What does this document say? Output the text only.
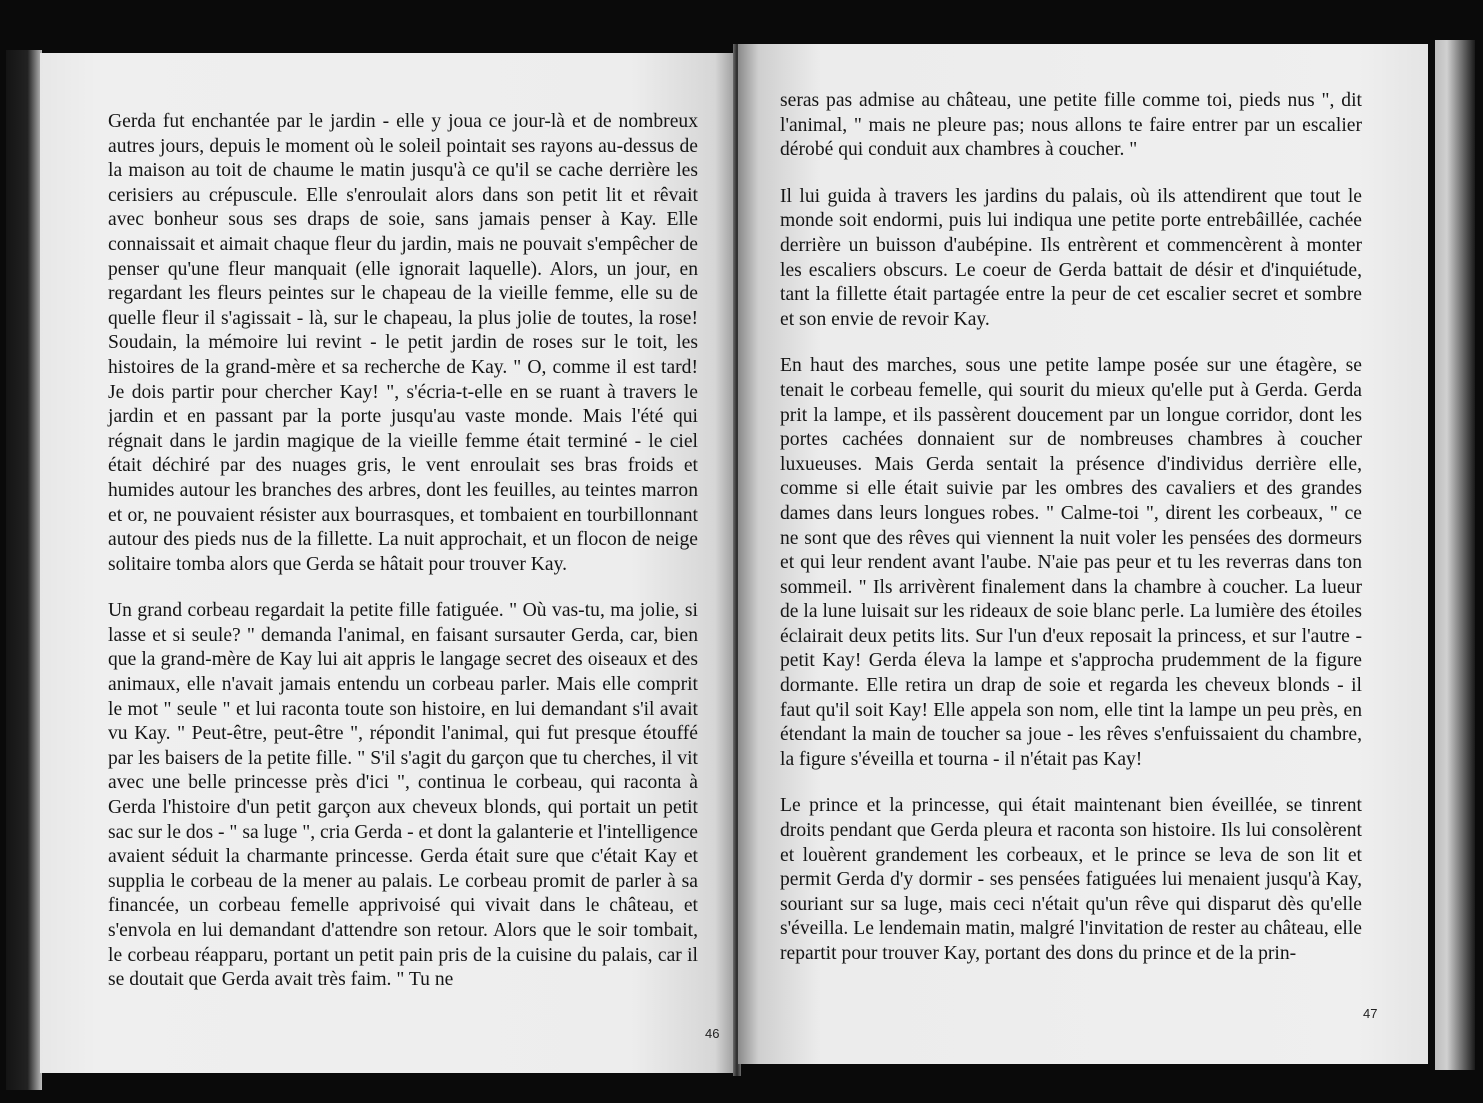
Gerda fut enchantée par le jardin - elle y joua ce jour-là et de nombreux autres jours, depuis le moment où le soleil pointait ses rayons au-dessus de la maison au toit de chaume le matin jusqu'à ce qu'il se cache derrière les cerisiers au crépuscule. Elle s'enroulait alors dans son petit lit et rêvait avec bonheur sous ses draps de soie, sans jamais penser à Kay. Elle connaissait et aimait chaque fleur du jardin, mais ne pouvait s'empêcher de penser qu'une fleur manquait (elle ignorait laquelle). Alors, un jour, en regardant les fleurs peintes sur le chapeau de la vieille femme, elle su de quelle fleur il s'agissait - là, sur le chapeau, la plus jolie de toutes, la rose! Soudain, la mémoire lui revint - le petit jardin de roses sur le toit, les histoires de la grand-mère et sa recherche de Kay. " O, comme il est tard! Je dois partir pour chercher Kay! ", s'écria-t-elle en se ruant à travers le jardin et en passant par la porte jusqu'au vaste monde. Mais l'été qui régnait dans le jardin magique de la vieille femme était terminé - le ciel était déchiré par des nuages gris, le vent enroulait ses bras froids et humides autour les branches des arbres, dont les feuilles, au teintes marron et or, ne pouvaient résister aux bourrasques, et tombaient en tourbillonnant autour des pieds nus de la fillette. La nuit approchait, et un flocon de neige solitaire tomba alors que Gerda se hâtait pour trouver Kay.

Un grand corbeau regardait la petite fille fatiguée. " Où vas-tu, ma jolie, si lasse et si seule? " demanda l'animal, en faisant sursauter Gerda, car, bien que la grand-mère de Kay lui ait appris le langage secret des oiseaux et des animaux, elle n'avait jamais entendu un corbeau parler. Mais elle comprit le mot " seule " et lui raconta toute son histoire, en lui demandant s'il avait vu Kay. " Peut-être, peut-être ", répondit l'animal, qui fut presque étouffé par les baisers de la petite fille. " S'il s'agit du garçon que tu cherches, il vit avec une belle princesse près d'ici ", continua le corbeau, qui raconta à Gerda l'histoire d'un petit garçon aux cheveux blonds, qui portait un petit sac sur le dos - " sa luge ", cria Gerda - et dont la galanterie et l'intelligence avaient séduit la charmante princesse. Gerda était sure que c'était Kay et supplia le corbeau de la mener au palais. Le corbeau promit de parler à sa financée, un corbeau femelle apprivoisé qui vivait dans le château, et s'envola en lui demandant d'attendre son retour. Alors que le soir tombait, le corbeau réapparu, portant un petit pain pris de la cuisine du palais, car il se doutait que Gerda avait très faim. " Tu ne

46

seras pas admise au château, une petite fille comme toi, pieds nus ", dit l'animal, " mais ne pleure pas; nous allons te faire entrer par un escalier dérobé qui conduit aux chambres à coucher. "

Il lui guida à travers les jardins du palais, où ils attendirent que tout le monde soit endormi, puis lui indiqua une petite porte entrebâillée, cachée derrière un buisson d'aubépine. Ils entrèrent et commencèrent à monter les escaliers obscurs. Le coeur de Gerda battait de désir et d'inquiétude, tant la fillette était partagée entre la peur de cet escalier secret et sombre et son envie de revoir Kay.

En haut des marches, sous une petite lampe posée sur une étagère, se tenait le corbeau femelle, qui sourit du mieux qu'elle put à Gerda. Gerda prit la lampe, et ils passèrent doucement par un longue corridor, dont les portes cachées donnaient sur de nombreuses chambres à coucher luxueuses. Mais Gerda sentait la présence d'individus derrière elle, comme si elle était suivie par les ombres des cavaliers et des grandes dames dans leurs longues robes. " Calme-toi ", dirent les corbeaux, " ce ne sont que des rêves qui viennent la nuit voler les pensées des dormeurs et qui leur rendent avant l'aube. N'aie pas peur et tu les reverras dans ton sommeil. " Ils arrivèrent finalement dans la chambre à coucher. La lueur de la lune luisait sur les rideaux de soie blanc perle. La lumière des étoiles éclairait deux petits lits. Sur l'un d'eux reposait la princess, et sur l'autre - petit Kay! Gerda éleva la lampe et s'approcha prudemment de la figure dormante. Elle retira un drap de soie et regarda les cheveux blonds - il faut qu'il soit Kay! Elle appela son nom, elle tint la lampe un peu près, en étendant la main de toucher sa joue - les rêves s'enfuissaient du chambre, la figure s'éveilla et tourna - il n'était pas Kay!

Le prince et la princesse, qui était maintenant bien éveillée, se tinrent droits pendant que Gerda pleura et raconta son histoire. Ils lui consolèrent et louèrent grandement les corbeaux, et le prince se leva de son lit et permit Gerda d'y dormir - ses pensées fatiguées lui menaient jusqu'à Kay, souriant sur sa luge, mais ceci n'était qu'un rêve qui disparut dès qu'elle s'éveilla. Le lendemain matin, malgré l'invitation de rester au château, elle repartit pour trouver Kay, portant des dons du prince et de la prin-

47
